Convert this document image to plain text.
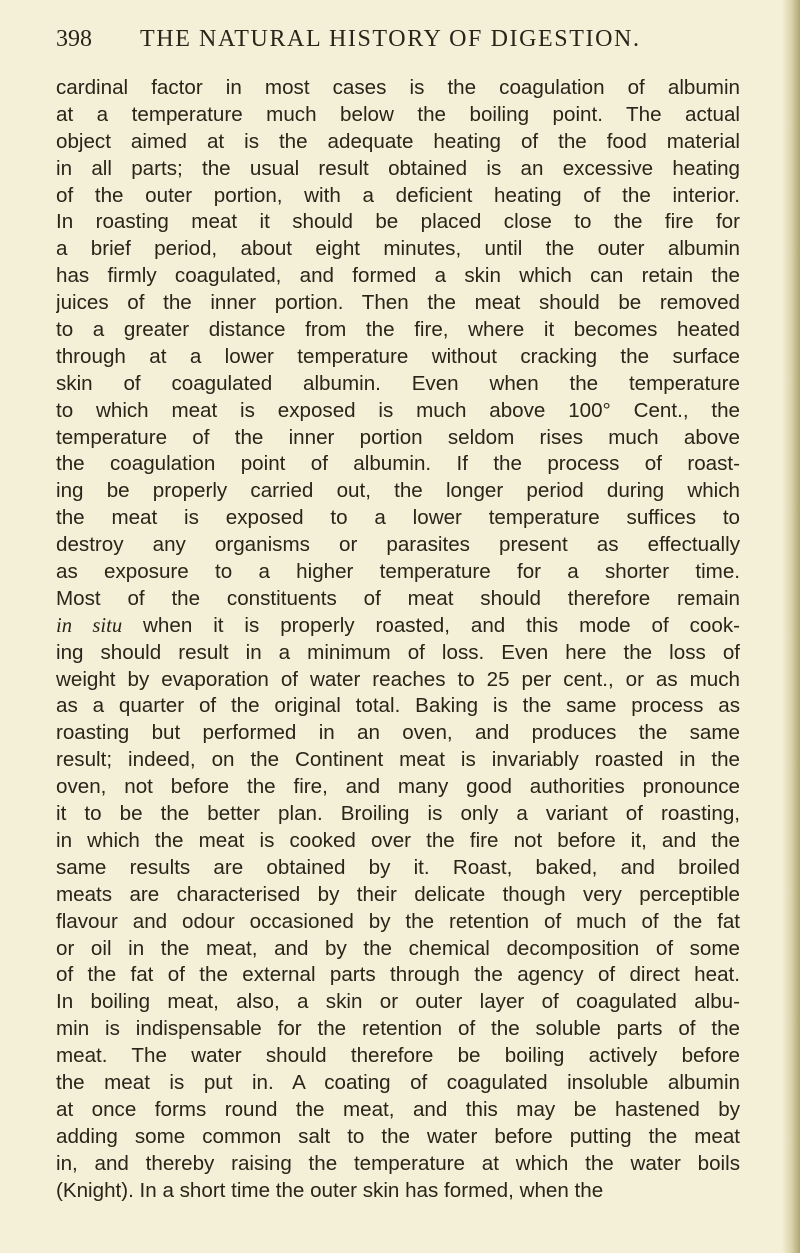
398 THE NATURAL HISTORY OF DIGESTION.
cardinal factor in most cases is the coagulation of albumin
at a temperature much below the boiling point. The actual
object aimed at is the adequate heating of the food material
in all parts; the usual result obtained is an excessive heating
of the outer portion, with a deficient heating of the interior.
In roasting meat it should be placed close to the fire for
a brief period, about eight minutes, until the outer albumin
has firmly coagulated, and formed a skin which can retain the
juices of the inner portion. Then the meat should be removed
to a greater distance from the fire, where it becomes heated
through at a lower temperature without cracking the surface
skin of coagulated albumin. Even when the temperature
to which meat is exposed is much above 100° Cent., the
temperature of the inner portion seldom rises much above
the coagulation point of albumin. If the process of roast-
ing be properly carried out, the longer period during which
the meat is exposed to a lower temperature suffices to
destroy any organisms or parasites present as effectually
as exposure to a higher temperature for a shorter time.
Most of the constituents of meat should therefore remain
in situ when it is properly roasted, and this mode of cook-
ing should result in a minimum of loss. Even here the loss of
weight by evaporation of water reaches to 25 per cent., or as much
as a quarter of the original total. Baking is the same process as
roasting but performed in an oven, and produces the same
result; indeed, on the Continent meat is invariably roasted in the
oven, not before the fire, and many good authorities pronounce
it to be the better plan. Broiling is only a variant of roasting,
in which the meat is cooked over the fire not before it, and the
same results are obtained by it. Roast, baked, and broiled
meats are characterised by their delicate though very perceptible
flavour and odour occasioned by the retention of much of the fat
or oil in the meat, and by the chemical decomposition of some
of the fat of the external parts through the agency of direct heat.
In boiling meat, also, a skin or outer layer of coagulated albu-
min is indispensable for the retention of the soluble parts of the
meat. The water should therefore be boiling actively before
the meat is put in. A coating of coagulated insoluble albumin
at once forms round the meat, and this may be hastened by
adding some common salt to the water before putting the meat
in, and thereby raising the temperature at which the water boils
(Knight). In a short time the outer skin has formed, when the
